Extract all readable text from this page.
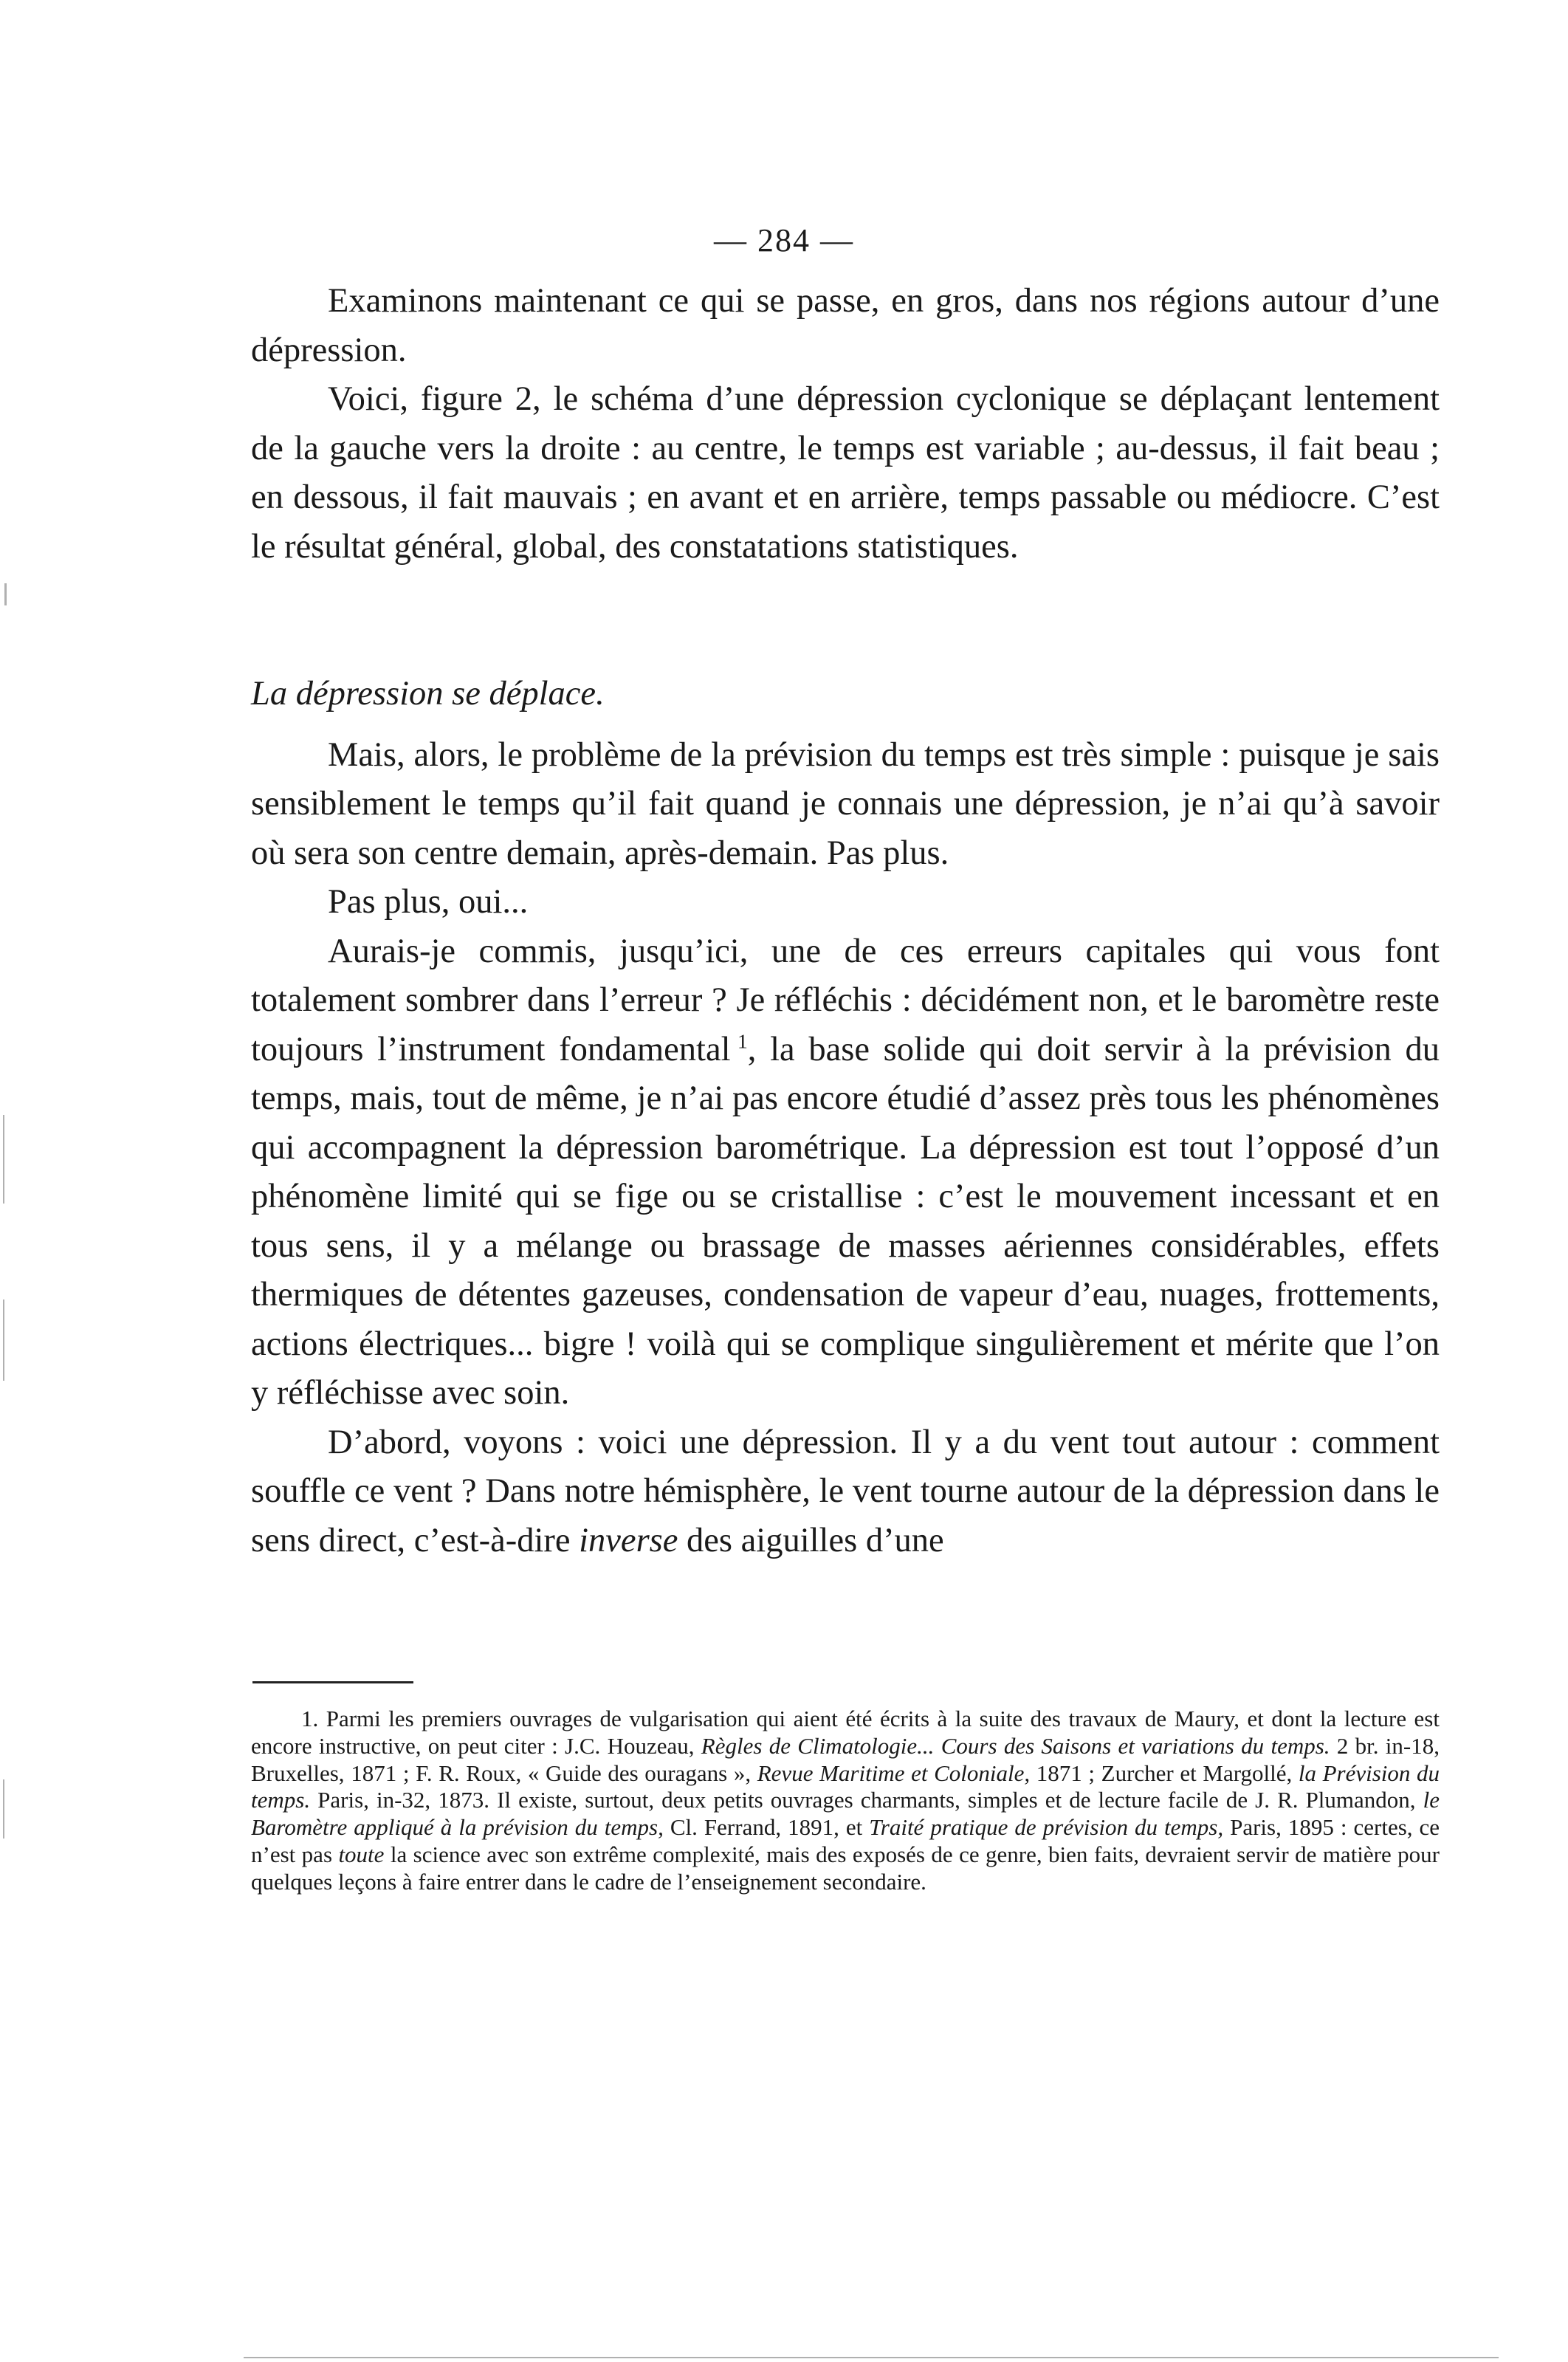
— 284 —

Examinons maintenant ce qui se passe, en gros, dans nos régions autour d’une dépression.

Voici, figure 2, le schéma d’une dépression cyclonique se déplaçant lentement de la gauche vers la droite : au centre, le temps est variable ; au-dessus, il fait beau ; en dessous, il fait mauvais ; en avant et en arrière, temps passable ou médiocre. C’est le résultat général, global, des constatations statistiques.

La dépression se déplace.

Mais, alors, le problème de la prévision du temps est très simple : puisque je sais sensiblement le temps qu’il fait quand je connais une dépression, je n’ai qu’à savoir où sera son centre demain, après-demain. Pas plus.

Pas plus, oui...

Aurais-je commis, jusqu’ici, une de ces erreurs capitales qui vous font totalement sombrer dans l’erreur ? Je réfléchis : décidément non, et le baromètre reste toujours l’instrument fondamental  $^1$, la base solide qui doit servir à la prévision du temps, mais, tout de même, je n’ai pas encore étudié d’assez près tous les phénomènes qui accompagnent la dépression barométrique. La dépression est tout l’opposé d’un phénomène limité qui se fige ou se cristallise : c’est le mouvement incessant et en tous sens, il y a mélange ou brassage de masses aériennes considérables, effets thermiques de détentes gazeuses, condensation de vapeur d’eau, nuages, frottements, actions électriques... bigre ! voilà qui se complique singulièrement et mérite que l’on y réfléchisse avec soin.

D’abord, voyons : voici une dépression. Il y a du vent tout autour : comment souffle ce vent ? Dans notre hémisphère, le vent tourne autour de la dépression dans le sens direct, c’est-à-dire inverse des aiguilles d’une

1. Parmi les premiers ouvrages de vulgarisation qui aient été écrits à la suite des travaux de Maury, et dont la lecture est encore instructive, on peut citer : J.C. Houzeau, Règles de Climatologie... Cours des Saisons et variations du temps. 2 br. in-18, Bruxelles, 1871 ; F. R. Roux, « Guide des ouragans », Revue Maritime et Coloniale, 1871 ; Zurcher et Margollé, la Prévision du temps. Paris, in-32, 1873. Il existe, surtout, deux petits ouvrages charmants, simples et de lecture facile de J. R. Plumandon, le Baromètre appliqué à la prévision du temps, Cl. Ferrand, 1891, et Traité pratique de prévision du temps, Paris, 1895 : certes, ce n’est pas toute la science avec son extrême complexité, mais des exposés de ce genre, bien faits, devraient servir de matière pour quelques leçons à faire entrer dans le cadre de l’enseignement secondaire.
